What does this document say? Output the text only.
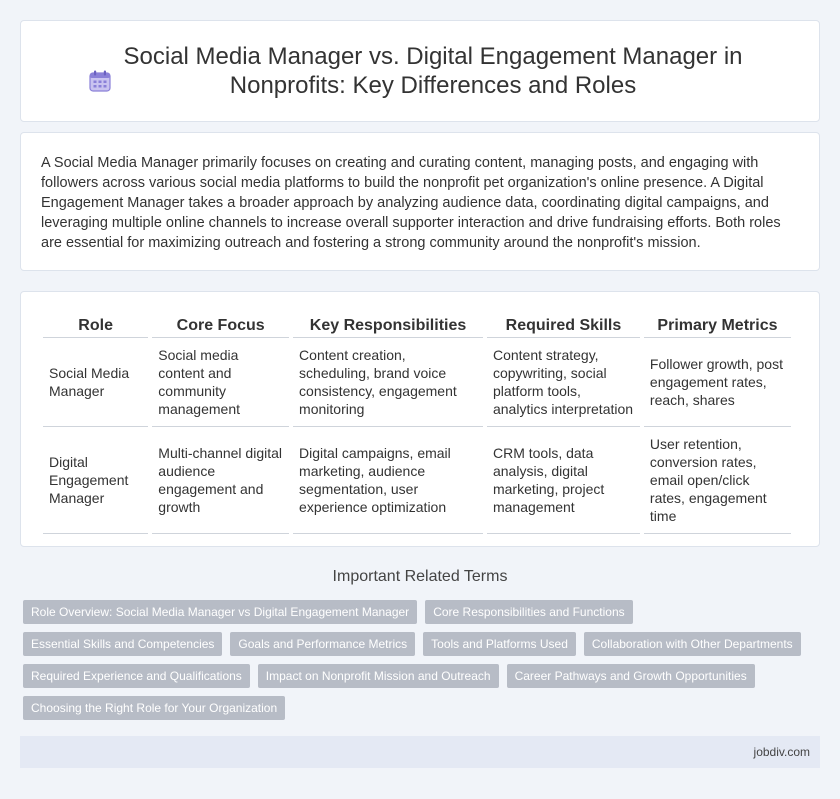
Social Media Manager vs. Digital Engagement Manager in Nonprofits: Key Differences and Roles

A Social Media Manager primarily focuses on creating and curating content, managing posts, and engaging with followers across various social media platforms to build the nonprofit pet organization's online presence. A Digital Engagement Manager takes a broader approach by analyzing audience data, coordinating digital campaigns, and leveraging multiple online channels to increase overall supporter interaction and drive fundraising efforts. Both roles are essential for maximizing outreach and fostering a strong community around the nonprofit's mission.

Role	Core Focus	Key Responsibilities	Required Skills	Primary Metrics
Social Media Manager	Social media content and community management	Content creation, scheduling, brand voice consistency, engagement monitoring	Content strategy, copywriting, social platform tools, analytics interpretation	Follower growth, post engagement rates, reach, shares
Digital Engagement Manager	Multi-channel digital audience engagement and growth	Digital campaigns, email marketing, audience segmentation, user experience optimization	CRM tools, data analysis, digital marketing, project management	User retention, conversion rates, email open/click rates, engagement time
Important Related Terms
Role Overview: Social Media Manager vs Digital Engagement Manager	Core Responsibilities and Functions
Essential Skills and Competencies	Goals and Performance Metrics	Tools and Platforms Used	Collaboration with Other Departments
Required Experience and Qualifications	Impact on Nonprofit Mission and Outreach	Career Pathways and Growth Opportunities
Choosing the Right Role for Your Organization
jobdiv.com
